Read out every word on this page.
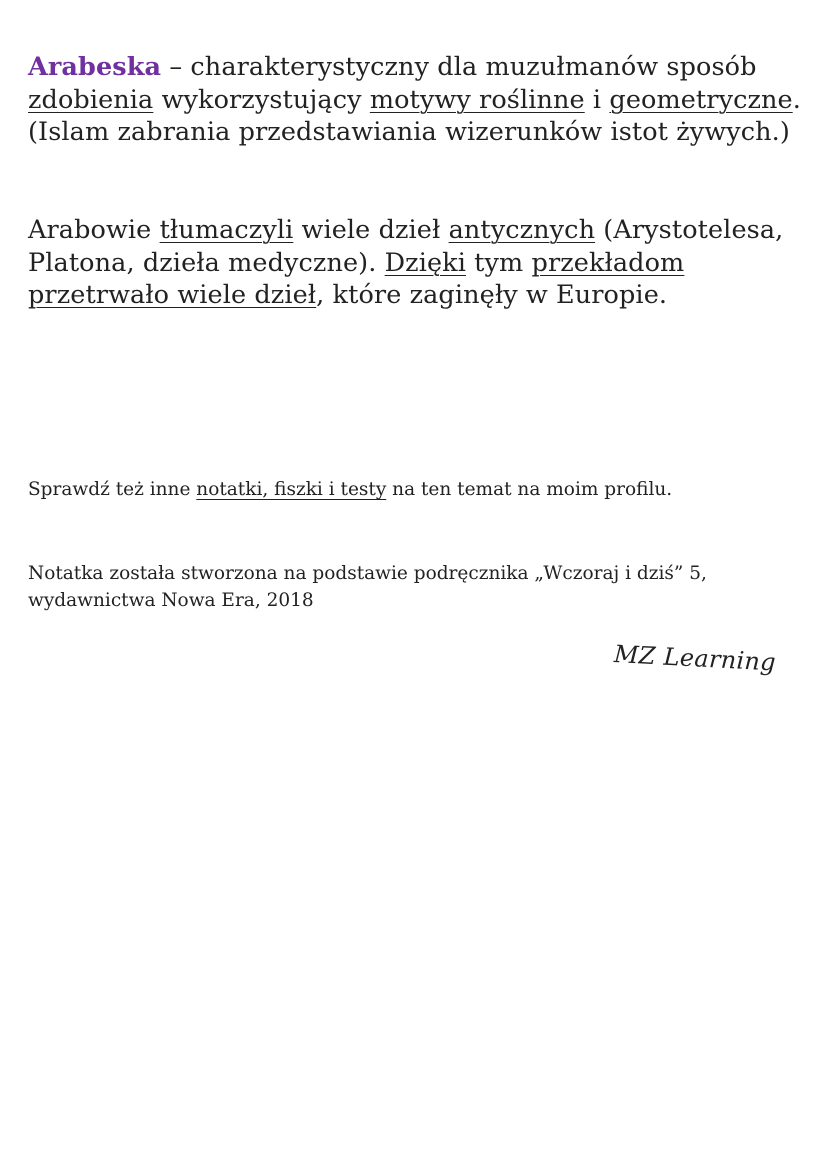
Arabeska – charakterystyczny dla muzułmanów sposób zdobienia wykorzystujący motywy roślinne i geometryczne. (Islam zabrania przedstawiania wizerunków istot żywych.)

Arabowie tłumaczyli wiele dzieł antycznych (Arystotelesa, Platona, dzieła medyczne). Dzięki tym przekładom przetrwało wiele dzieł, które zaginęły w Europie.

Sprawdź też inne notatki, fiszki i testy na ten temat na moim profilu.

Notatka została stworzona na podstawie podręcznika „Wczoraj i dziś” 5, wydawnictwa Nowa Era, 2018

MZ Learning
